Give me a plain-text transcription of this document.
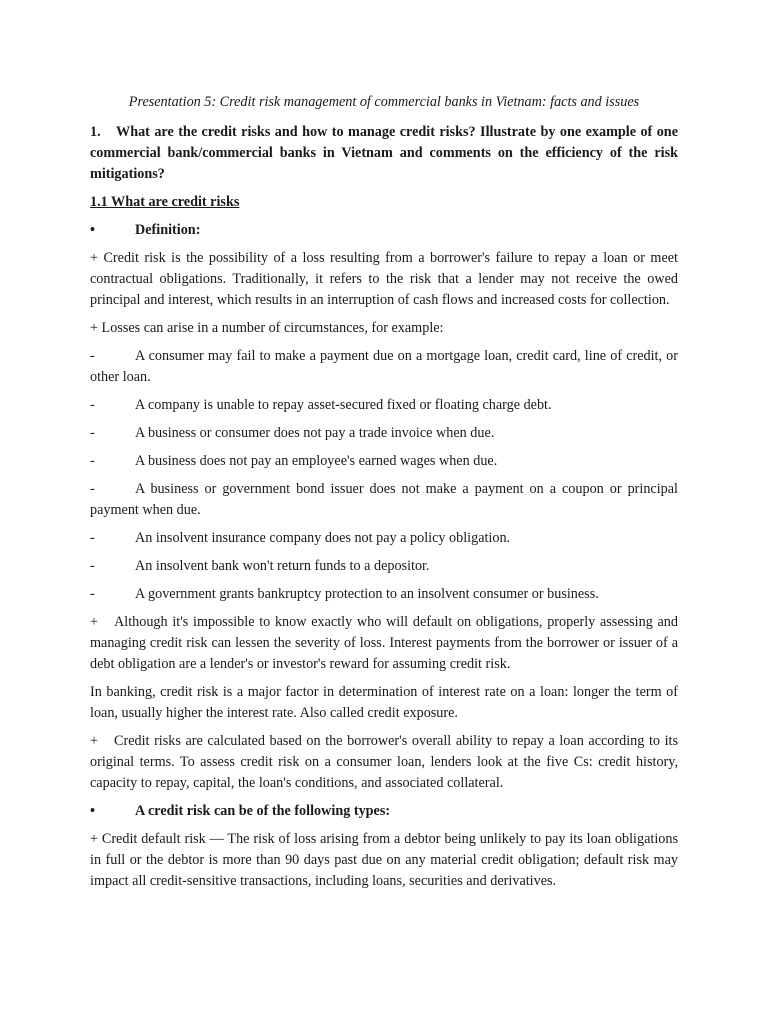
Presentation 5: Credit risk management of commercial banks in Vietnam: facts and issues
1. What are the credit risks and how to manage credit risks? Illustrate by one example of one commercial bank/commercial banks in Vietnam and comments on the efficiency of the risk mitigations?
1.1 What are credit risks
•	Definition:

+ Credit risk is the possibility of a loss resulting from a borrower's failure to repay a loan or meet contractual obligations. Traditionally, it refers to the risk that a lender may not receive the owed principal and interest, which results in an interruption of cash flows and increased costs for collection.

+ Losses can arise in a number of circumstances, for example:

-	A consumer may fail to make a payment due on a mortgage loan, credit card, line of credit, or other loan.
-	A company is unable to repay asset-secured fixed or floating charge debt.
-	A business or consumer does not pay a trade invoice when due.
-	A business does not pay an employee's earned wages when due.
-	A business or government bond issuer does not make a payment on a coupon or principal payment when due.
-	An insolvent insurance company does not pay a policy obligation.
-	An insolvent bank won't return funds to a depositor.
-	A government grants bankruptcy protection to an insolvent consumer or business.

+ Although it's impossible to know exactly who will default on obligations, properly assessing and managing credit risk can lessen the severity of loss. Interest payments from the borrower or issuer of a debt obligation are a lender's or investor's reward for assuming credit risk.

In banking, credit risk is a major factor in determination of interest rate on a loan: longer the term of loan, usually higher the interest rate. Also called credit exposure.

+ Credit risks are calculated based on the borrower's overall ability to repay a loan according to its original terms. To assess credit risk on a consumer loan, lenders look at the five Cs: credit history, capacity to repay, capital, the loan's conditions, and associated collateral.

•	A credit risk can be of the following types:

+ Credit default risk — The risk of loss arising from a debtor being unlikely to pay its loan obligations in full or the debtor is more than 90 days past due on any material credit obligation; default risk may impact all credit-sensitive transactions, including loans, securities and derivatives.
